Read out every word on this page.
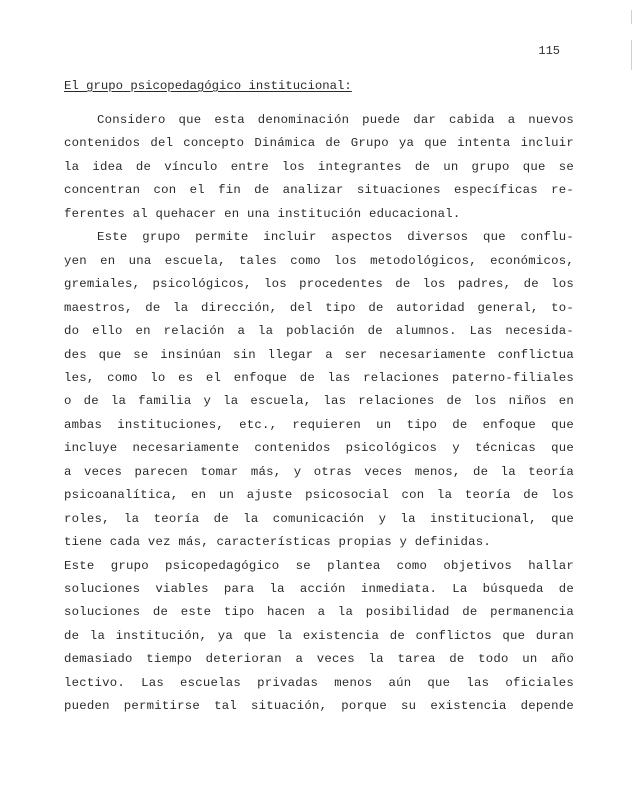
115
El grupo psicopedagógico institucional:
Considero que esta denominación puede dar cabida a nuevos
contenidos del concepto Dinámica de Grupo ya que intenta incluir
la idea de vínculo entre los integrantes de un grupo que se
concentran con el fin de analizar situaciones específicas re-
ferentes al quehacer en una institución educacional.
Este grupo permite incluir aspectos diversos que conflu-
yen en una escuela, tales como los metodológicos, económicos,
gremiales, psicológicos, los procedentes de los padres, de los
maestros, de la dirección, del tipo de autoridad general, to-
do ello en relación a la población de alumnos. Las necesida-
des que se insinúan sin llegar a ser necesariamente conflictua
les, como lo es el enfoque de las relaciones paterno-filiales
o de la familia y la escuela, las relaciones de los niños en
ambas instituciones, etc., requieren un tipo de enfoque que
incluye necesariamente contenidos psicológicos y técnicas que
a veces parecen tomar más, y otras veces menos, de la teoría
psicoanalítica, en un ajuste psicosocial con la teoría de los
roles, la teoría de la comunicación y la institucional, que
tiene cada vez más, características propias y definidas.
Este grupo psicopedagógico se plantea como objetivos hallar
soluciones viables para la acción inmediata. La búsqueda de
soluciones de este tipo hacen a la posibilidad de permanencia
de la institución, ya que la existencia de conflictos que duran
demasiado tiempo deterioran a veces la tarea de todo un año
lectivo. Las escuelas privadas menos aún que las oficiales
pueden permitirse tal situación, porque su existencia depende
